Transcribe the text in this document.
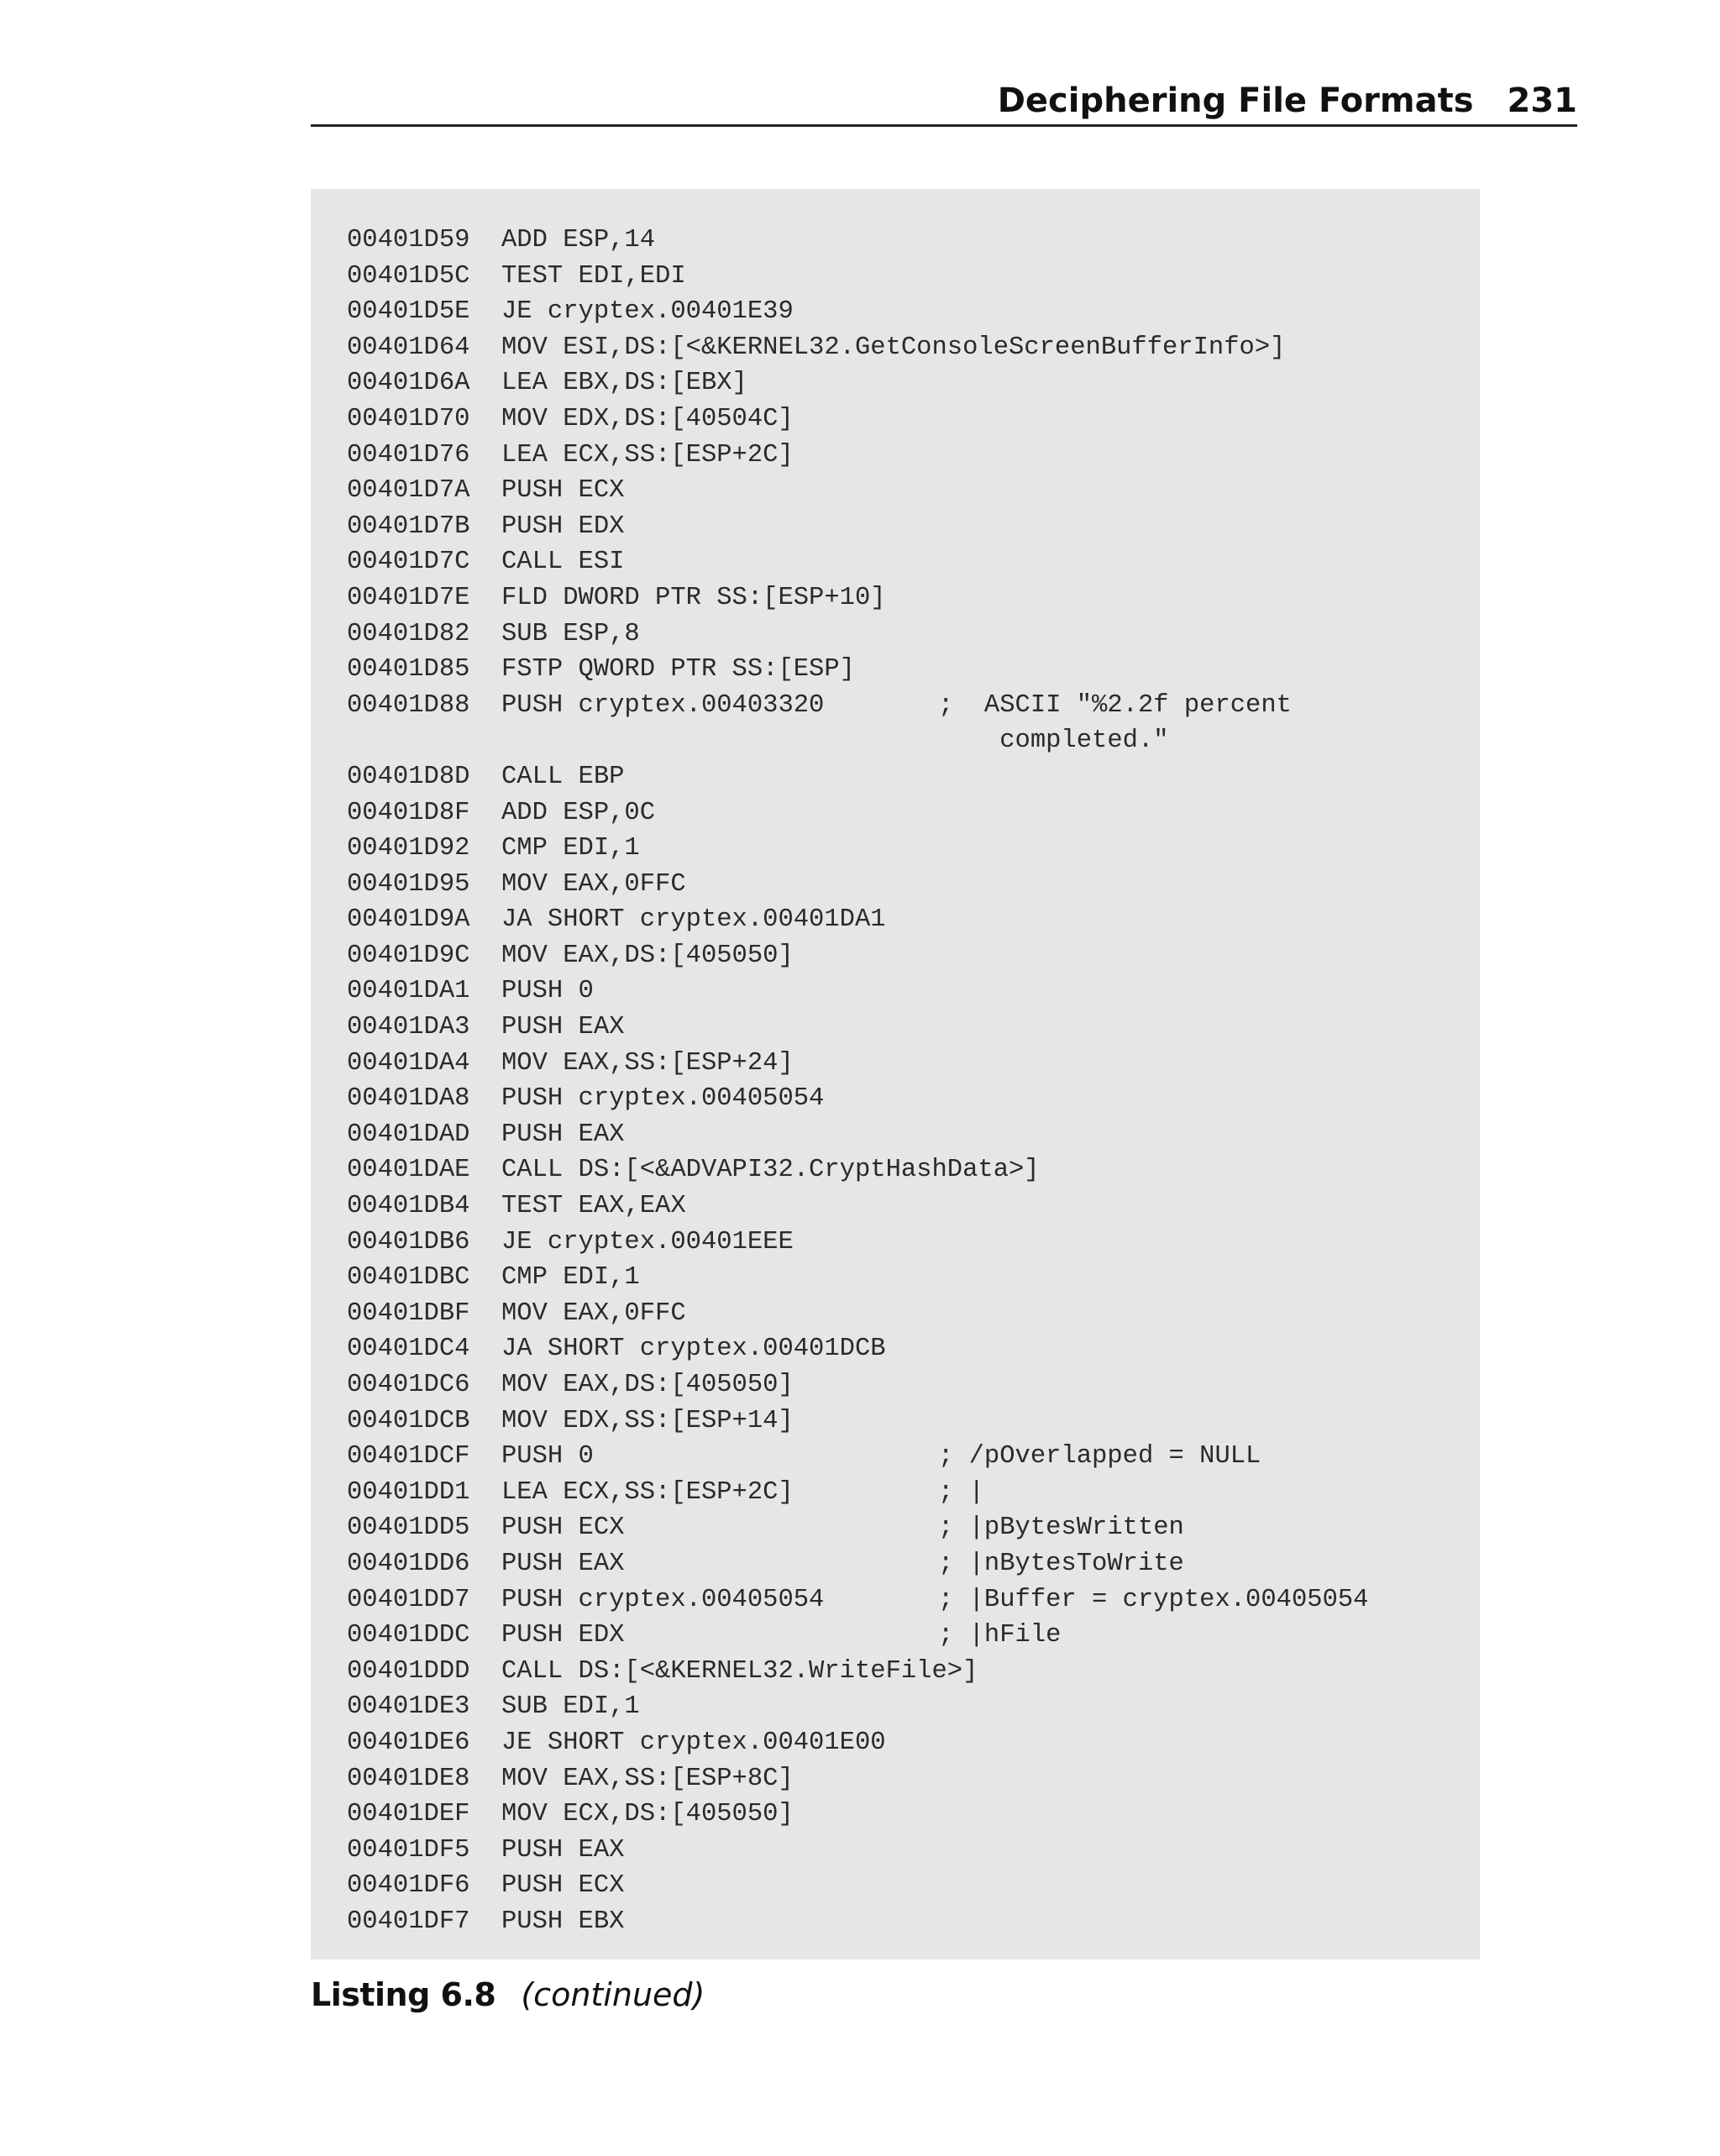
Deciphering File Formats 231
00401D59	ADD ESP,14
00401D5C	TEST EDI,EDI
00401D5E	JE cryptex.00401E39
00401D64	MOV ESI,DS:[<&KERNEL32.GetConsoleScreenBufferInfo>]
00401D6A	LEA EBX,DS:[EBX]
00401D70	MOV EDX,DS:[40504C]
00401D76	LEA ECX,SS:[ESP+2C]
00401D7A	PUSH ECX
00401D7B	PUSH EDX
00401D7C	CALL ESI
00401D7E	FLD DWORD PTR SS:[ESP+10]
00401D82	SUB ESP,8
00401D85	FSTP QWORD PTR SS:[ESP]
00401D88	PUSH cryptex.00403320	;  ASCII "%2.2f percent
completed."
00401D8D	CALL EBP
00401D8F	ADD ESP,0C
00401D92	CMP EDI,1
00401D95	MOV EAX,0FFC
00401D9A	JA SHORT cryptex.00401DA1
00401D9C	MOV EAX,DS:[405050]
00401DA1	PUSH 0
00401DA3	PUSH EAX
00401DA4	MOV EAX,SS:[ESP+24]
00401DA8	PUSH cryptex.00405054
00401DAD	PUSH EAX
00401DAE	CALL DS:[<&ADVAPI32.CryptHashData>]
00401DB4	TEST EAX,EAX
00401DB6	JE cryptex.00401EEE
00401DBC	CMP EDI,1
00401DBF	MOV EAX,0FFC
00401DC4	JA SHORT cryptex.00401DCB
00401DC6	MOV EAX,DS:[405050]
00401DCB	MOV EDX,SS:[ESP+14]
00401DCF	PUSH 0	; /pOverlapped = NULL
00401DD1	LEA ECX,SS:[ESP+2C]	; |
00401DD5	PUSH ECX	; |pBytesWritten
00401DD6	PUSH EAX	; |nBytesToWrite
00401DD7	PUSH cryptex.00405054	; |Buffer = cryptex.00405054
00401DDC	PUSH EDX	; |hFile
00401DDD	CALL DS:[<&KERNEL32.WriteFile>]
00401DE3	SUB EDI,1
00401DE6	JE SHORT cryptex.00401E00
00401DE8	MOV EAX,SS:[ESP+8C]
00401DEF	MOV ECX,DS:[405050]
00401DF5	PUSH EAX
00401DF6	PUSH ECX
00401DF7	PUSH EBX
Listing 6.8 (continued)
